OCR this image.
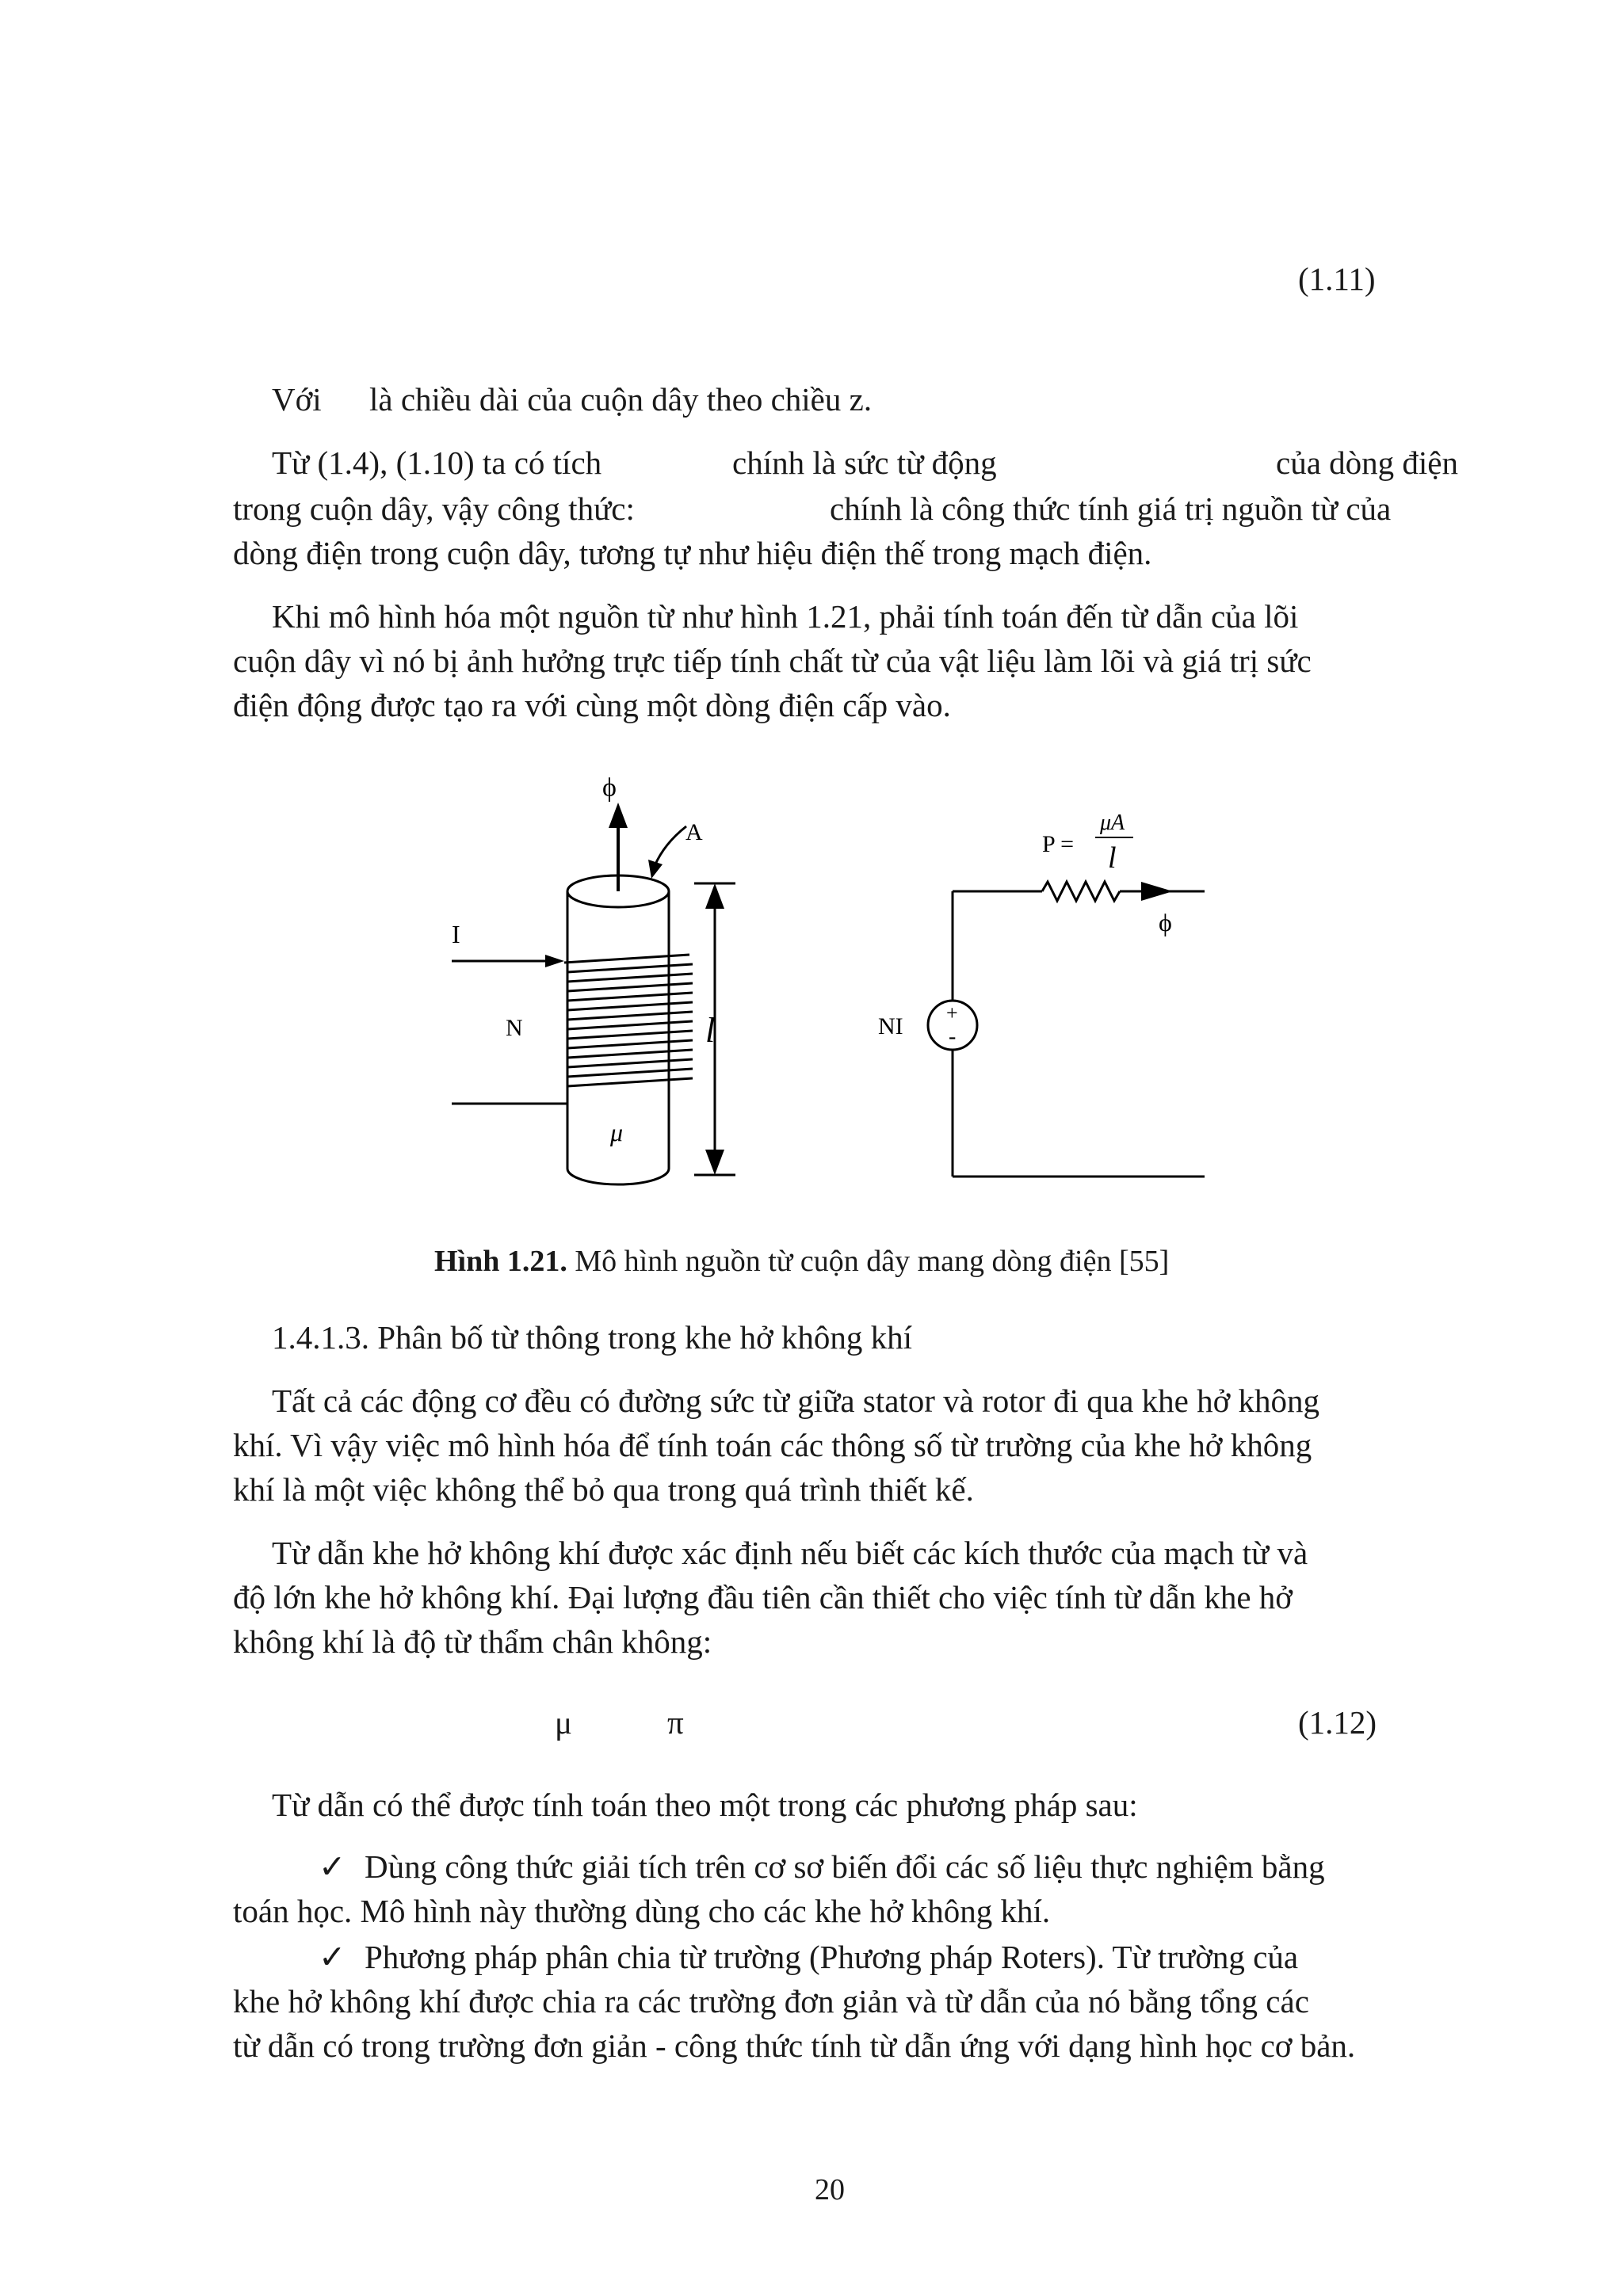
(1.11)
Với là chiều dài của cuộn dây theo chiều z.
Từ (1.4), (1.10) ta có tích	chính là sức từ động	của dòng điện
trong cuộn dây, vậy công thức:	chính là công thức tính giá trị nguồn từ của
dòng điện trong cuộn dây, tương tự như hiệu điện thế trong mạch điện.
Khi mô hình hóa một nguồn từ như hình 1.21, phải tính toán đến từ dẫn của lõi
cuộn dây vì nó bị ảnh hưởng trực tiếp tính chất từ của vật liệu làm lõi và giá trị sức
điện động được tạo ra với cùng một dòng điện cấp vào.
ϕ
A
I
N
μ
l	+
-
NI
P =
μA
l
ϕ
Hình 1.21. Mô hình nguồn từ cuộn dây mang dòng điện [55]
1.4.1.3. Phân bố từ thông trong khe hở không khí
Tất cả các động cơ đều có đường sức từ giữa stator và rotor đi qua khe hở không
khí. Vì vậy việc mô hình hóa để tính toán các thông số từ trường của khe hở không
khí là một việc không thể bỏ qua trong quá trình thiết kế.
Từ dẫn khe hở không khí được xác định nếu biết các kích thước của mạch từ và
độ lớn khe hở không khí. Đại lượng đầu tiên cần thiết cho việc tính từ dẫn khe hở
không khí là độ từ thẩm chân không:
μ	π	(1.12)
Từ dẫn có thể được tính toán theo một trong các phương pháp sau:
✓ Dùng công thức giải tích trên cơ sơ biến đổi các số liệu thực nghiệm bằng
toán học. Mô hình này thường dùng cho các khe hở không khí.
✓ Phương pháp phân chia từ trường (Phương pháp Roters). Từ trường của
khe hở không khí được chia ra các trường đơn giản và từ dẫn của nó bằng tổng các
từ dẫn có trong trường đơn giản - công thức tính từ dẫn ứng với dạng hình học cơ bản.
20
